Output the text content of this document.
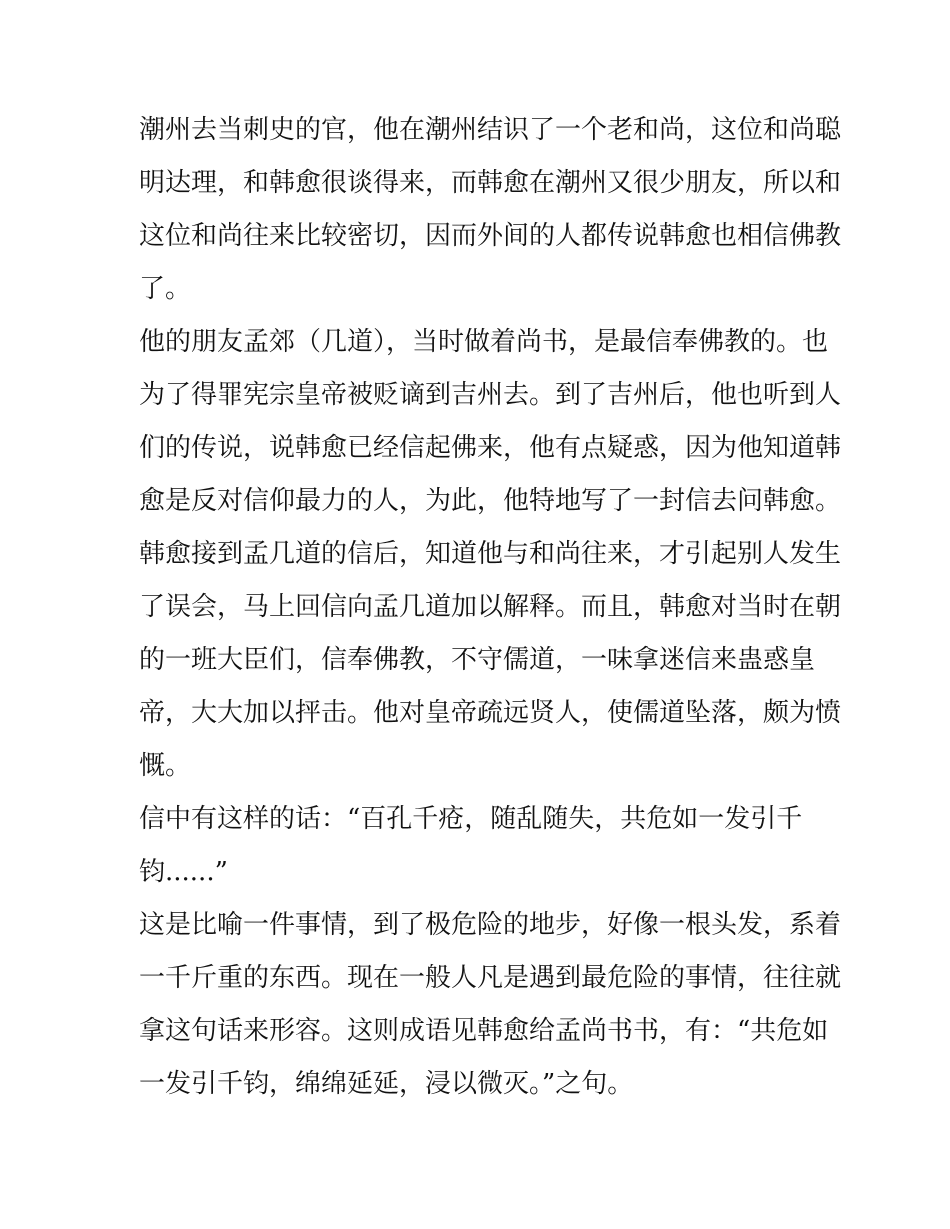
潮州去当刺史的官，他在潮州结识了一个老和尚，这位和尚聪
明达理，和韩愈很谈得来，而韩愈在潮州又很少朋友，所以和
这位和尚往来比较密切，因而外间的人都传说韩愈也相信佛教
了。
他的朋友孟郊（几道），当时做着尚书，是最信奉佛教的。也
为了得罪宪宗皇帝被贬谪到吉州去。到了吉州后，他也听到人
们的传说，说韩愈已经信起佛来，他有点疑惑，因为他知道韩
愈是反对信仰最力的人，为此，他特地写了一封信去问韩愈。
韩愈接到孟几道的信后，知道他与和尚往来，才引起别人发生
了误会，马上回信向孟几道加以解释。而且，韩愈对当时在朝
的一班大臣们，信奉佛教，不守儒道，一味拿迷信来蛊惑皇
帝，大大加以抨击。他对皇帝疏远贤人，使儒道坠落，颇为愤
慨。
信中有这样的话：“百孔千疮，随乱随失，共危如一发引千
钧......”
这是比喻一件事情，到了极危险的地步，好像一根头发，系着
一千斤重的东西。现在一般人凡是遇到最危险的事情，往往就
拿这句话来形容。这则成语见韩愈给孟尚书书，有：“共危如
一发引千钧，绵绵延延，浸以微灭。”之句。
